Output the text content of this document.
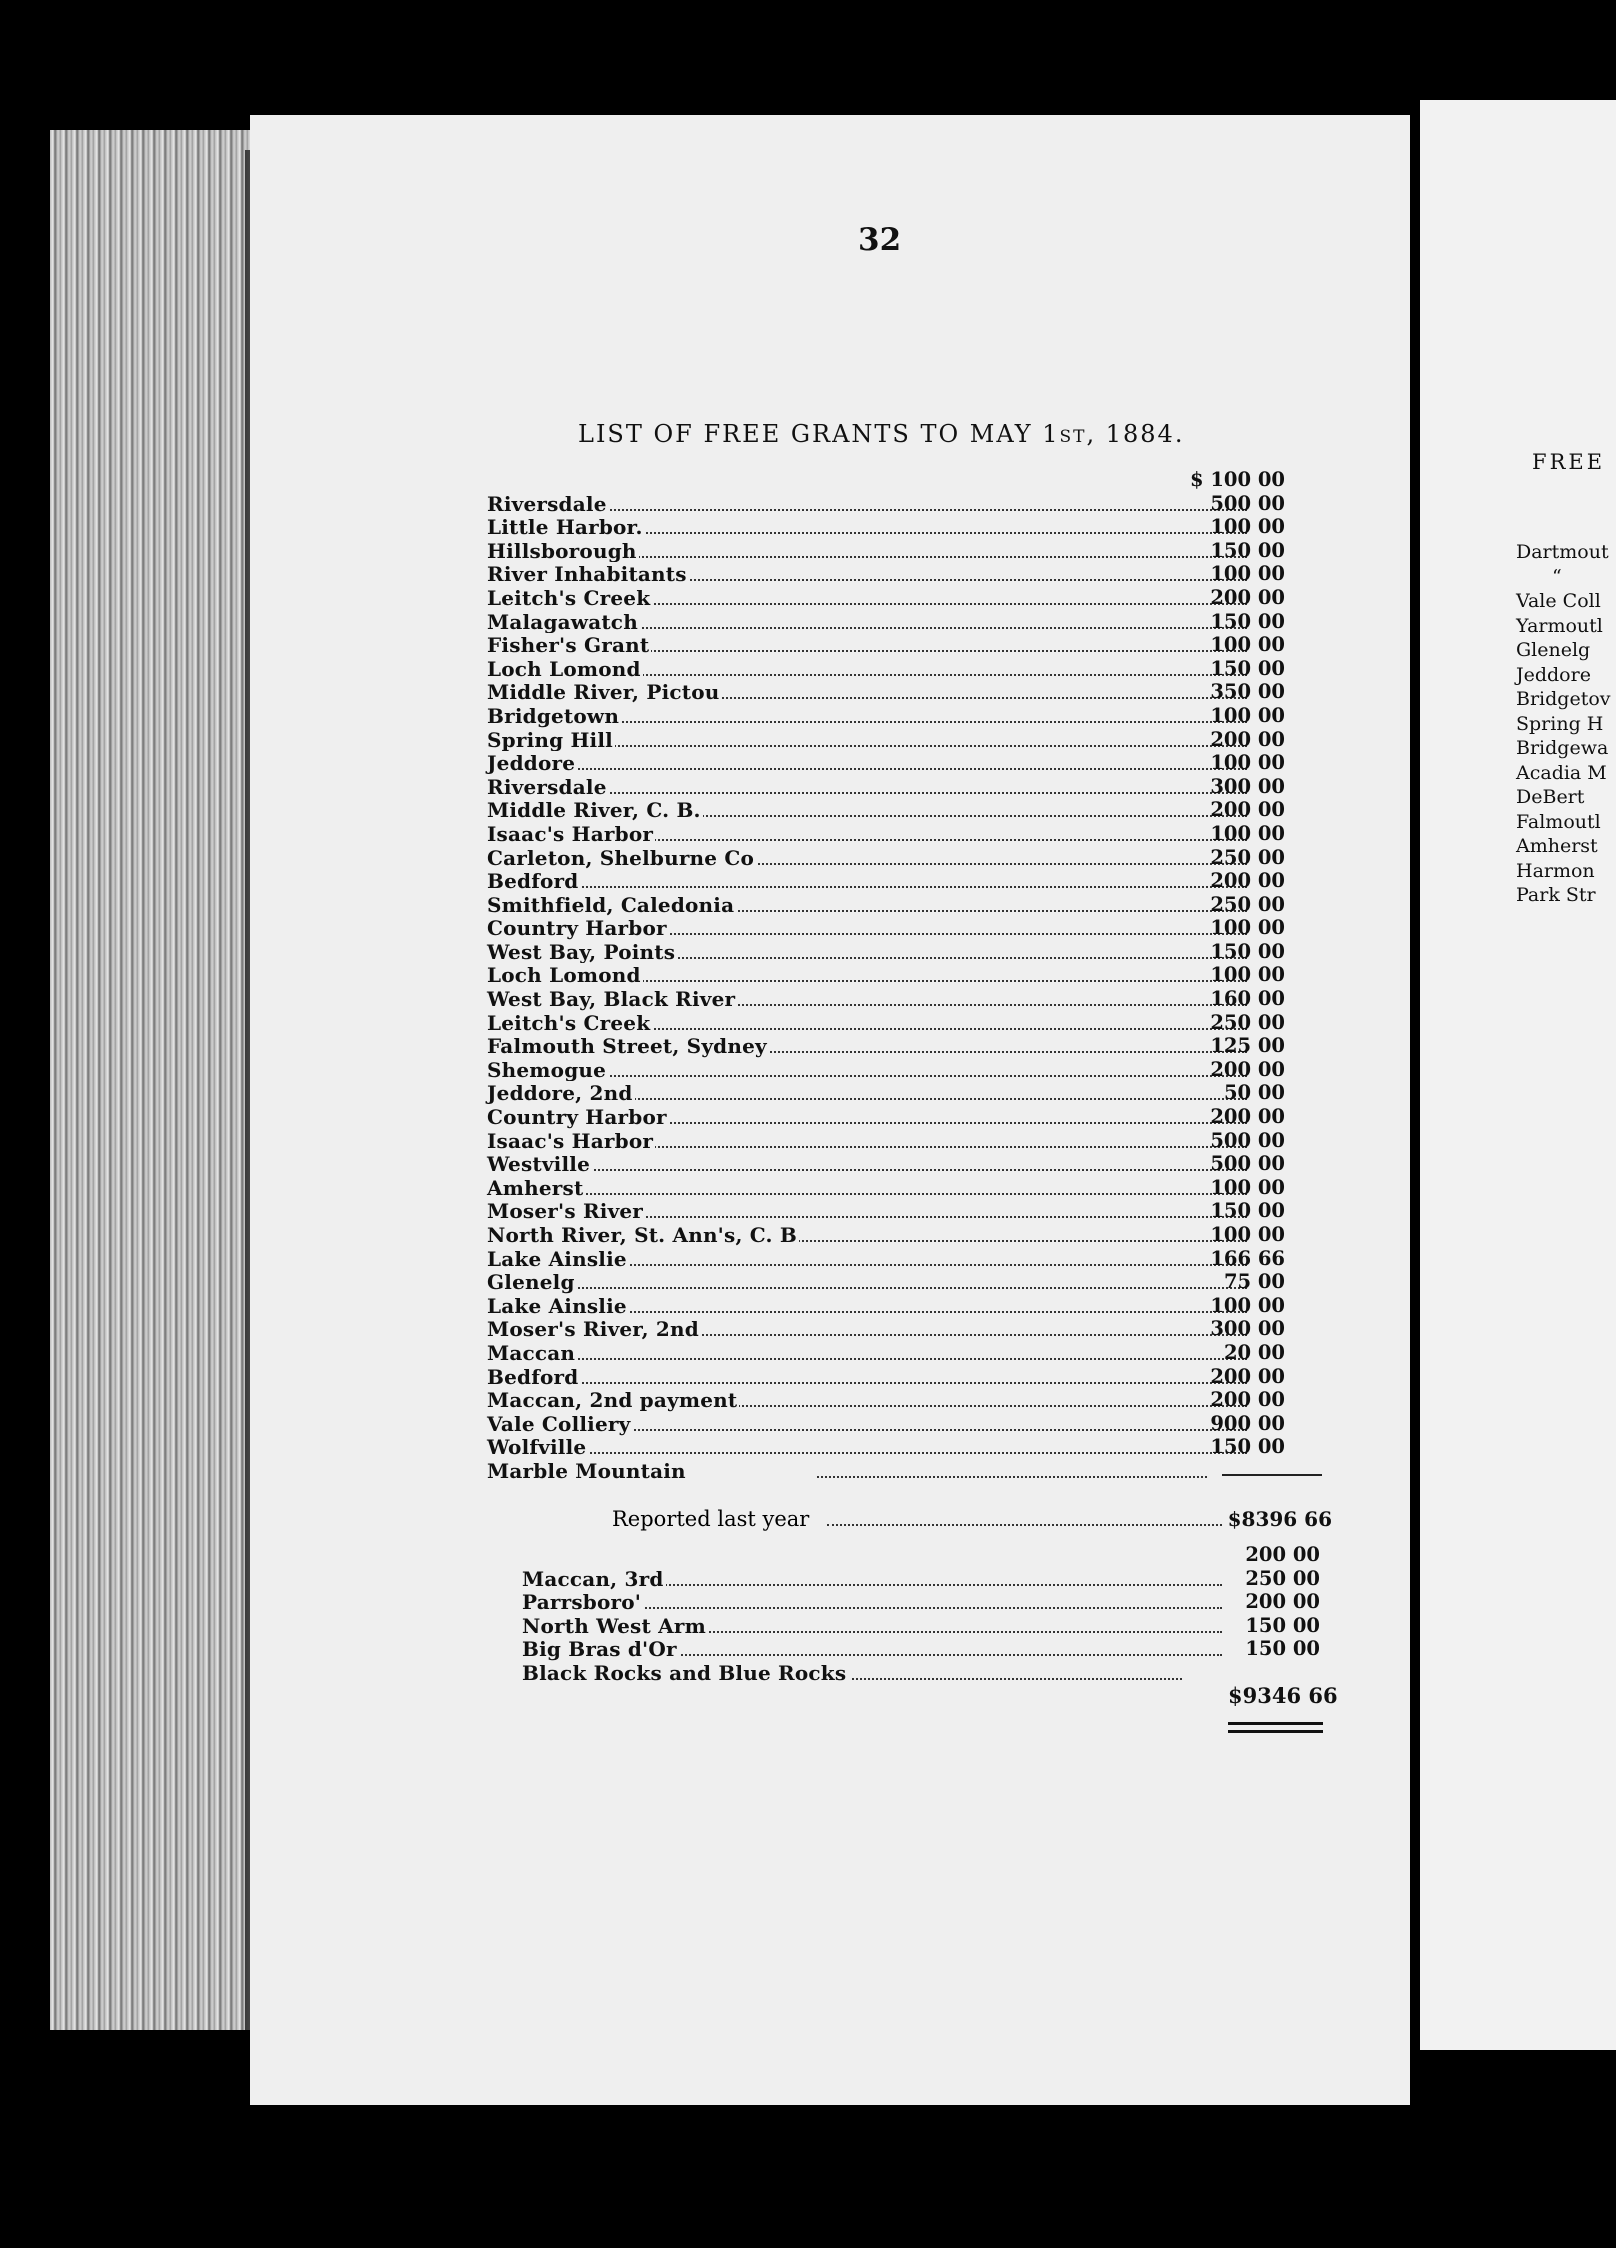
FREE
Dartmout
“
Vale Coll
Yarmoutl
Glenelg
Jeddore
Bridgetov
Spring H
Bridgewa
Acadia M
DeBert
Falmoutl
Amherst
Harmon
Park Str
32
LIST OF FREE GRANTS TO MAY 1ST, 1884.
Riversdale
Little Harbor.
Hillsborough
River Inhabitants
Leitch's Creek
Malagawatch
Fisher's Grant
Loch Lomond
Middle River, Pictou
Bridgetown
Spring Hill
Jeddore
Riversdale
Middle River, C. B.
Isaac's Harbor
Carleton, Shelburne Co
Bedford
Smithfield, Caledonia
Country Harbor
West Bay, Points
Loch Lomond
West Bay, Black River
Leitch's Creek
Falmouth Street, Sydney
Shemogue
Jeddore, 2nd
Country Harbor
Isaac's Harbor
Westville
Amherst
Moser's River
North River, St. Ann's, C. B
Lake Ainslie
Glenelg
Lake Ainslie
Moser's River, 2nd
Maccan
Bedford
Maccan, 2nd payment
Vale Colliery
Wolfville
Marble Mountain
$ 100 00
500 00
100 00
150 00
100 00
200 00
150 00
100 00
150 00
350 00
100 00
200 00
100 00
300 00
200 00
100 00
250 00
200 00
250 00
100 00
150 00
100 00
160 00
250 00
125 00
200 00
50 00
200 00
500 00
500 00
100 00
150 00
100 00
166 66
75 00
100 00
300 00
20 00
200 00
200 00
900 00
150 00
Reported last year	$8396 66
Maccan, 3rd
Parrsboro'
North West Arm
Big Bras d'Or
Black Rocks and Blue Rocks
200 00
250 00
200 00
150 00
150 00
$9346 66
